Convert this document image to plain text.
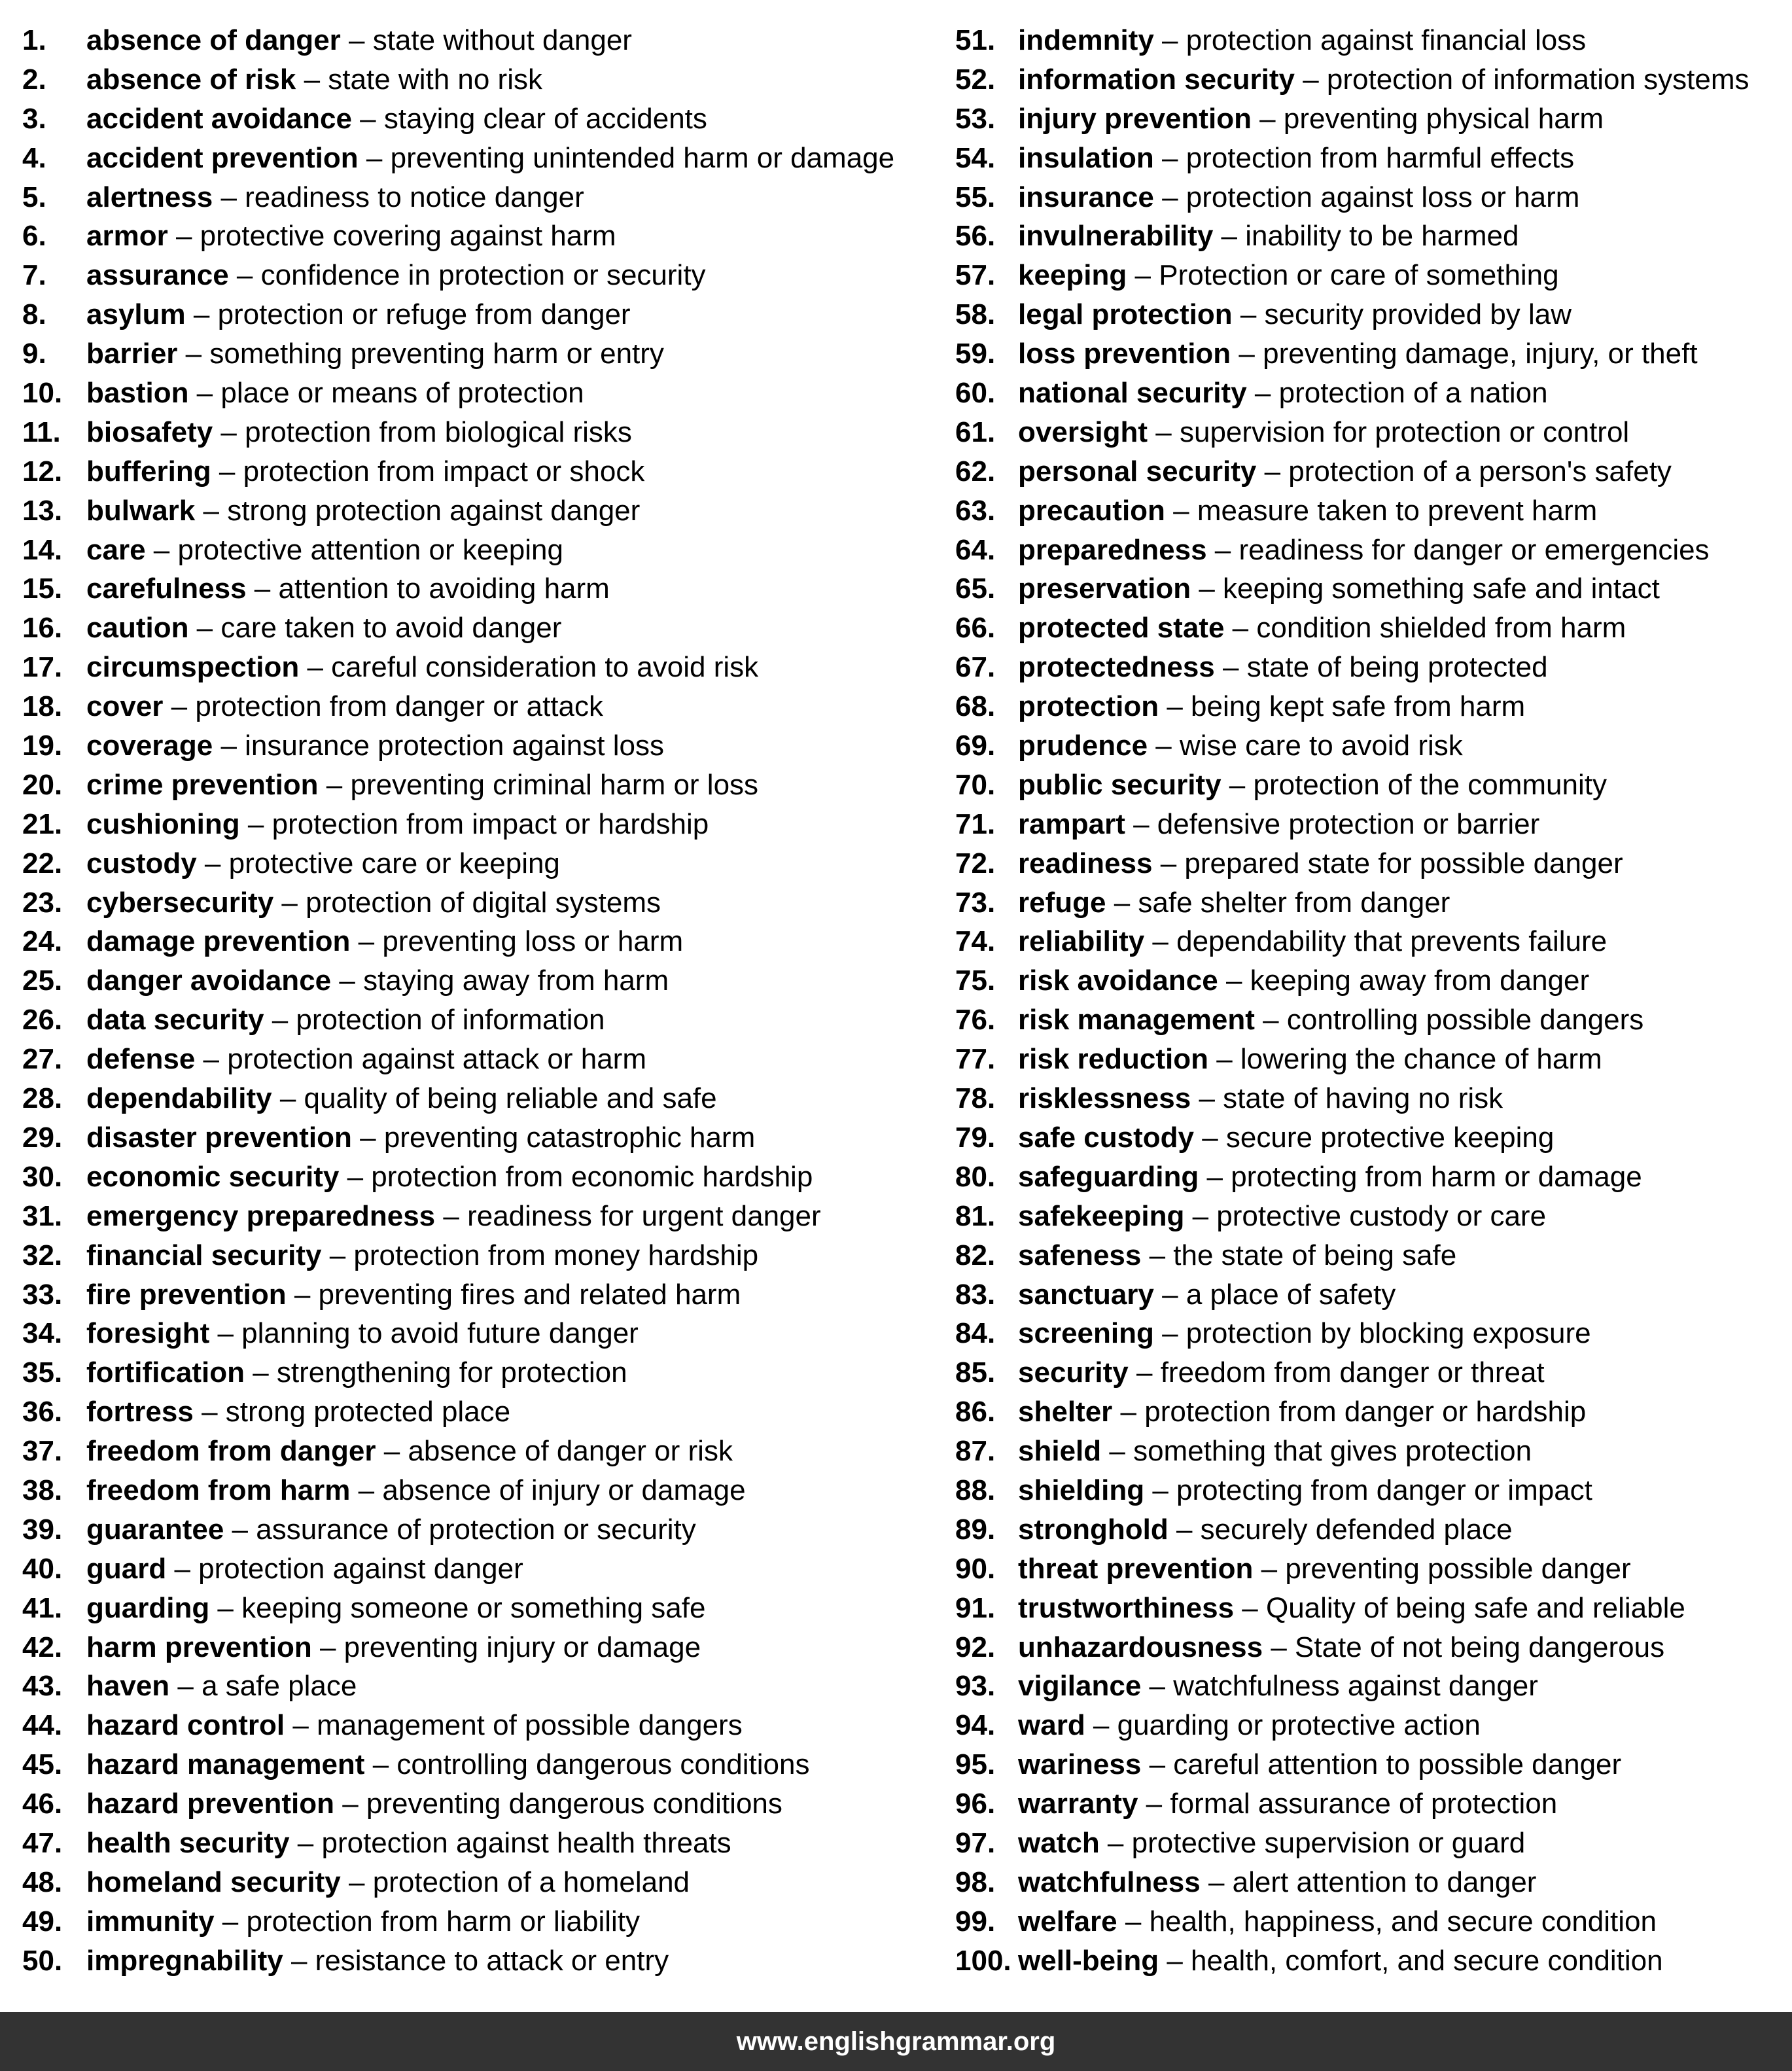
1. absence of danger – state without danger
2. absence of risk – state with no risk
3. accident avoidance – staying clear of accidents
4. accident prevention – preventing unintended harm or damage
5. alertness – readiness to notice danger
6. armor – protective covering against harm
7. assurance – confidence in protection or security
8. asylum – protection or refuge from danger
9. barrier – something preventing harm or entry
10. bastion – place or means of protection
11. biosafety – protection from biological risks
12. buffering – protection from impact or shock
13. bulwark – strong protection against danger
14. care – protective attention or keeping
15. carefulness – attention to avoiding harm
16. caution – care taken to avoid danger
17. circumspection – careful consideration to avoid risk
18. cover – protection from danger or attack
19. coverage – insurance protection against loss
20. crime prevention – preventing criminal harm or loss
21. cushioning – protection from impact or hardship
22. custody – protective care or keeping
23. cybersecurity – protection of digital systems
24. damage prevention – preventing loss or harm
25. danger avoidance – staying away from harm
26. data security – protection of information
27. defense – protection against attack or harm
28. dependability – quality of being reliable and safe
29. disaster prevention – preventing catastrophic harm
30. economic security – protection from economic hardship
31. emergency preparedness – readiness for urgent danger
32. financial security – protection from money hardship
33. fire prevention – preventing fires and related harm
34. foresight – planning to avoid future danger
35. fortification – strengthening for protection
36. fortress – strong protected place
37. freedom from danger – absence of danger or risk
38. freedom from harm – absence of injury or damage
39. guarantee – assurance of protection or security
40. guard – protection against danger
41. guarding – keeping someone or something safe
42. harm prevention – preventing injury or damage
43. haven – a safe place
44. hazard control – management of possible dangers
45. hazard management – controlling dangerous conditions
46. hazard prevention – preventing dangerous conditions
47. health security – protection against health threats
48. homeland security – protection of a homeland
49. immunity – protection from harm or liability
50. impregnability – resistance to attack or entry
51. indemnity – protection against financial loss
52. information security – protection of information systems
53. injury prevention – preventing physical harm
54. insulation – protection from harmful effects
55. insurance – protection against loss or harm
56. invulnerability – inability to be harmed
57. keeping – Protection or care of something
58. legal protection – security provided by law
59. loss prevention – preventing damage, injury, or theft
60. national security – protection of a nation
61. oversight – supervision for protection or control
62. personal security – protection of a person's safety
63. precaution – measure taken to prevent harm
64. preparedness – readiness for danger or emergencies
65. preservation – keeping something safe and intact
66. protected state – condition shielded from harm
67. protectedness – state of being protected
68. protection – being kept safe from harm
69. prudence – wise care to avoid risk
70. public security – protection of the community
71. rampart – defensive protection or barrier
72. readiness – prepared state for possible danger
73. refuge – safe shelter from danger
74. reliability – dependability that prevents failure
75. risk avoidance – keeping away from danger
76. risk management – controlling possible dangers
77. risk reduction – lowering the chance of harm
78. risklessness – state of having no risk
79. safe custody – secure protective keeping
80. safeguarding – protecting from harm or damage
81. safekeeping – protective custody or care
82. safeness – the state of being safe
83. sanctuary – a place of safety
84. screening – protection by blocking exposure
85. security – freedom from danger or threat
86. shelter – protection from danger or hardship
87. shield – something that gives protection
88. shielding – protecting from danger or impact
89. stronghold – securely defended place
90. threat prevention – preventing possible danger
91. trustworthiness – Quality of being safe and reliable
92. unhazardousness – State of not being dangerous
93. vigilance – watchfulness against danger
94. ward – guarding or protective action
95. wariness – careful attention to possible danger
96. warranty – formal assurance of protection
97. watch – protective supervision or guard
98. watchfulness – alert attention to danger
99. welfare – health, happiness, and secure condition
100. well-being – health, comfort, and secure condition
www.englishgrammar.org
